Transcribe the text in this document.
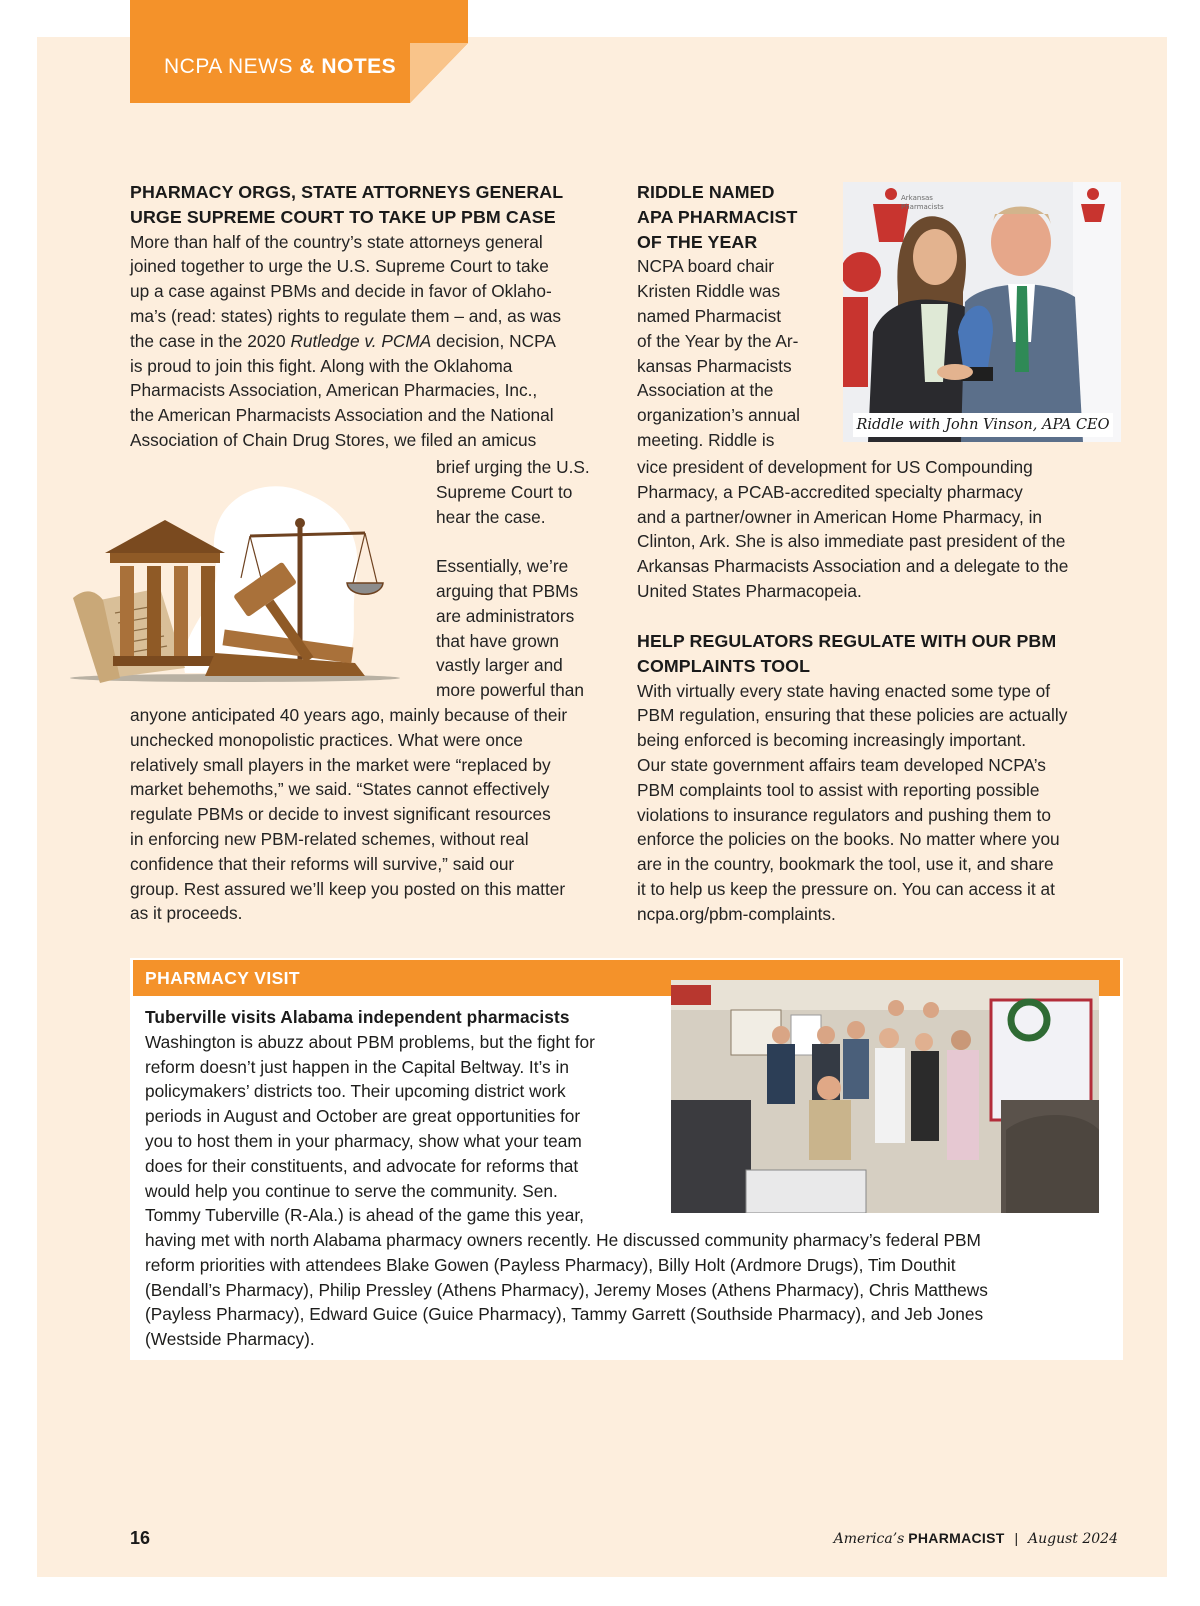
NCPA NEWS & NOTES
PHARMACY ORGS, STATE ATTORNEYS GENERAL
URGE SUPREME COURT TO TAKE UP PBM CASE
More than half of the country’s state attorneys general
joined together to urge the U.S. Supreme Court to take
up a case against PBMs and decide in favor of Oklaho-
ma’s (read: states) rights to regulate them – and, as was
the case in the 2020 Rutledge v. PCMA decision, NCPA
is proud to join this fight. Along with the Oklahoma
Pharmacists Association, American Pharmacies, Inc.,
the American Pharmacists Association and the National
Association of Chain Drug Stores, we filed an amicus
brief urging the U.S.
Supreme Court to
hear the case.

Essentially, we’re
arguing that PBMs
are administrators
that have grown
vastly larger and
more powerful than
anyone anticipated 40 years ago, mainly because of their
unchecked monopolistic practices. What were once
relatively small players in the market were “replaced by
market behemoths,” we said. “States cannot effectively
regulate PBMs or decide to invest significant resources
in enforcing new PBM-related schemes, without real
confidence that their reforms will survive,” said our
group. Rest assured we’ll keep you posted on this matter
as it proceeds.
RIDDLE NAMED
APA PHARMACIST
OF THE YEAR
NCPA board chair
Kristen Riddle was
named Pharmacist
of the Year by the Ar-
kansas Pharmacists
Association at the
organization’s annual
meeting. Riddle is
vice president of development for US Compounding
Pharmacy, a PCAB-accredited specialty pharmacy
and a partner/owner in American Home Pharmacy, in
Clinton, Ark. She is also immediate past president of the
Arkansas Pharmacists Association and a delegate to the
United States Pharmacopeia.
Arkansas
Pharmacists
Riddle with John Vinson, APA CEO
HELP REGULATORS REGULATE WITH OUR PBM
COMPLAINTS TOOL
With virtually every state having enacted some type of
PBM regulation, ensuring that these policies are actually
being enforced is becoming increasingly important.
Our state government affairs team developed NCPA’s
PBM complaints tool to assist with reporting possible
violations to insurance regulators and pushing them to
enforce the policies on the books. No matter where you
are in the country, bookmark the tool, use it, and share
it to help us keep the pressure on. You can access it at
ncpa.org/pbm-complaints.
PHARMACY VISIT
Tuberville visits Alabama independent pharmacists
Washington is abuzz about PBM problems, but the fight for
reform doesn’t just happen in the Capital Beltway. It’s in
policymakers’ districts too. Their upcoming district work
periods in August and October are great opportunities for
you to host them in your pharmacy, show what your team
does for their constituents, and advocate for reforms that
would help you continue to serve the community. Sen.
Tommy Tuberville (R-Ala.) is ahead of the game this year,
having met with north Alabama pharmacy owners recently. He discussed community pharmacy’s federal PBM
reform priorities with attendees Blake Gowen (Payless Pharmacy), Billy Holt (Ardmore Drugs), Tim Douthit
(Bendall’s Pharmacy), Philip Pressley (Athens Pharmacy), Jeremy Moses (Athens Pharmacy), Chris Matthews
(Payless Pharmacy), Edward Guice (Guice Pharmacy), Tammy Garrett (Southside Pharmacy), and Jeb Jones
(Westside Pharmacy).
16	America’s PHARMACIST | August 2024
